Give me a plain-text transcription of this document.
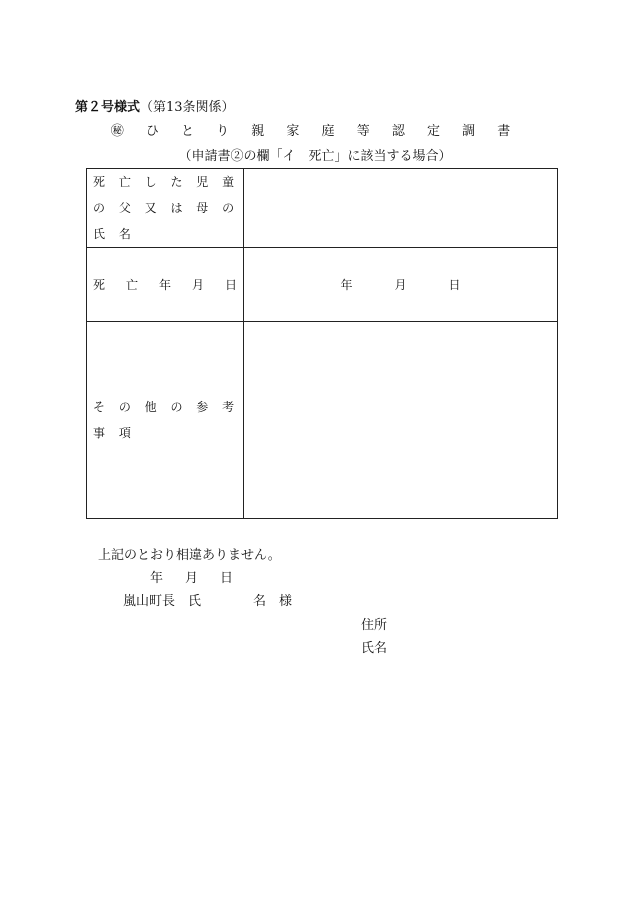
第２号様式（第13条関係）
㊙ ひ と り 親 家 庭 等 認 定 調 書
（申請書②の欄「イ　死亡」に該当する場合）
死 亡 し た 児 童
の 父 又 は 母 の 氏 名	

死 亡 年 月 日	年 月 日

そ の 他 の 参 考 事 項	

上記のとおり相違ありません。
年 月 日
嵐山町長　氏　　　　名　様
住所
氏名
